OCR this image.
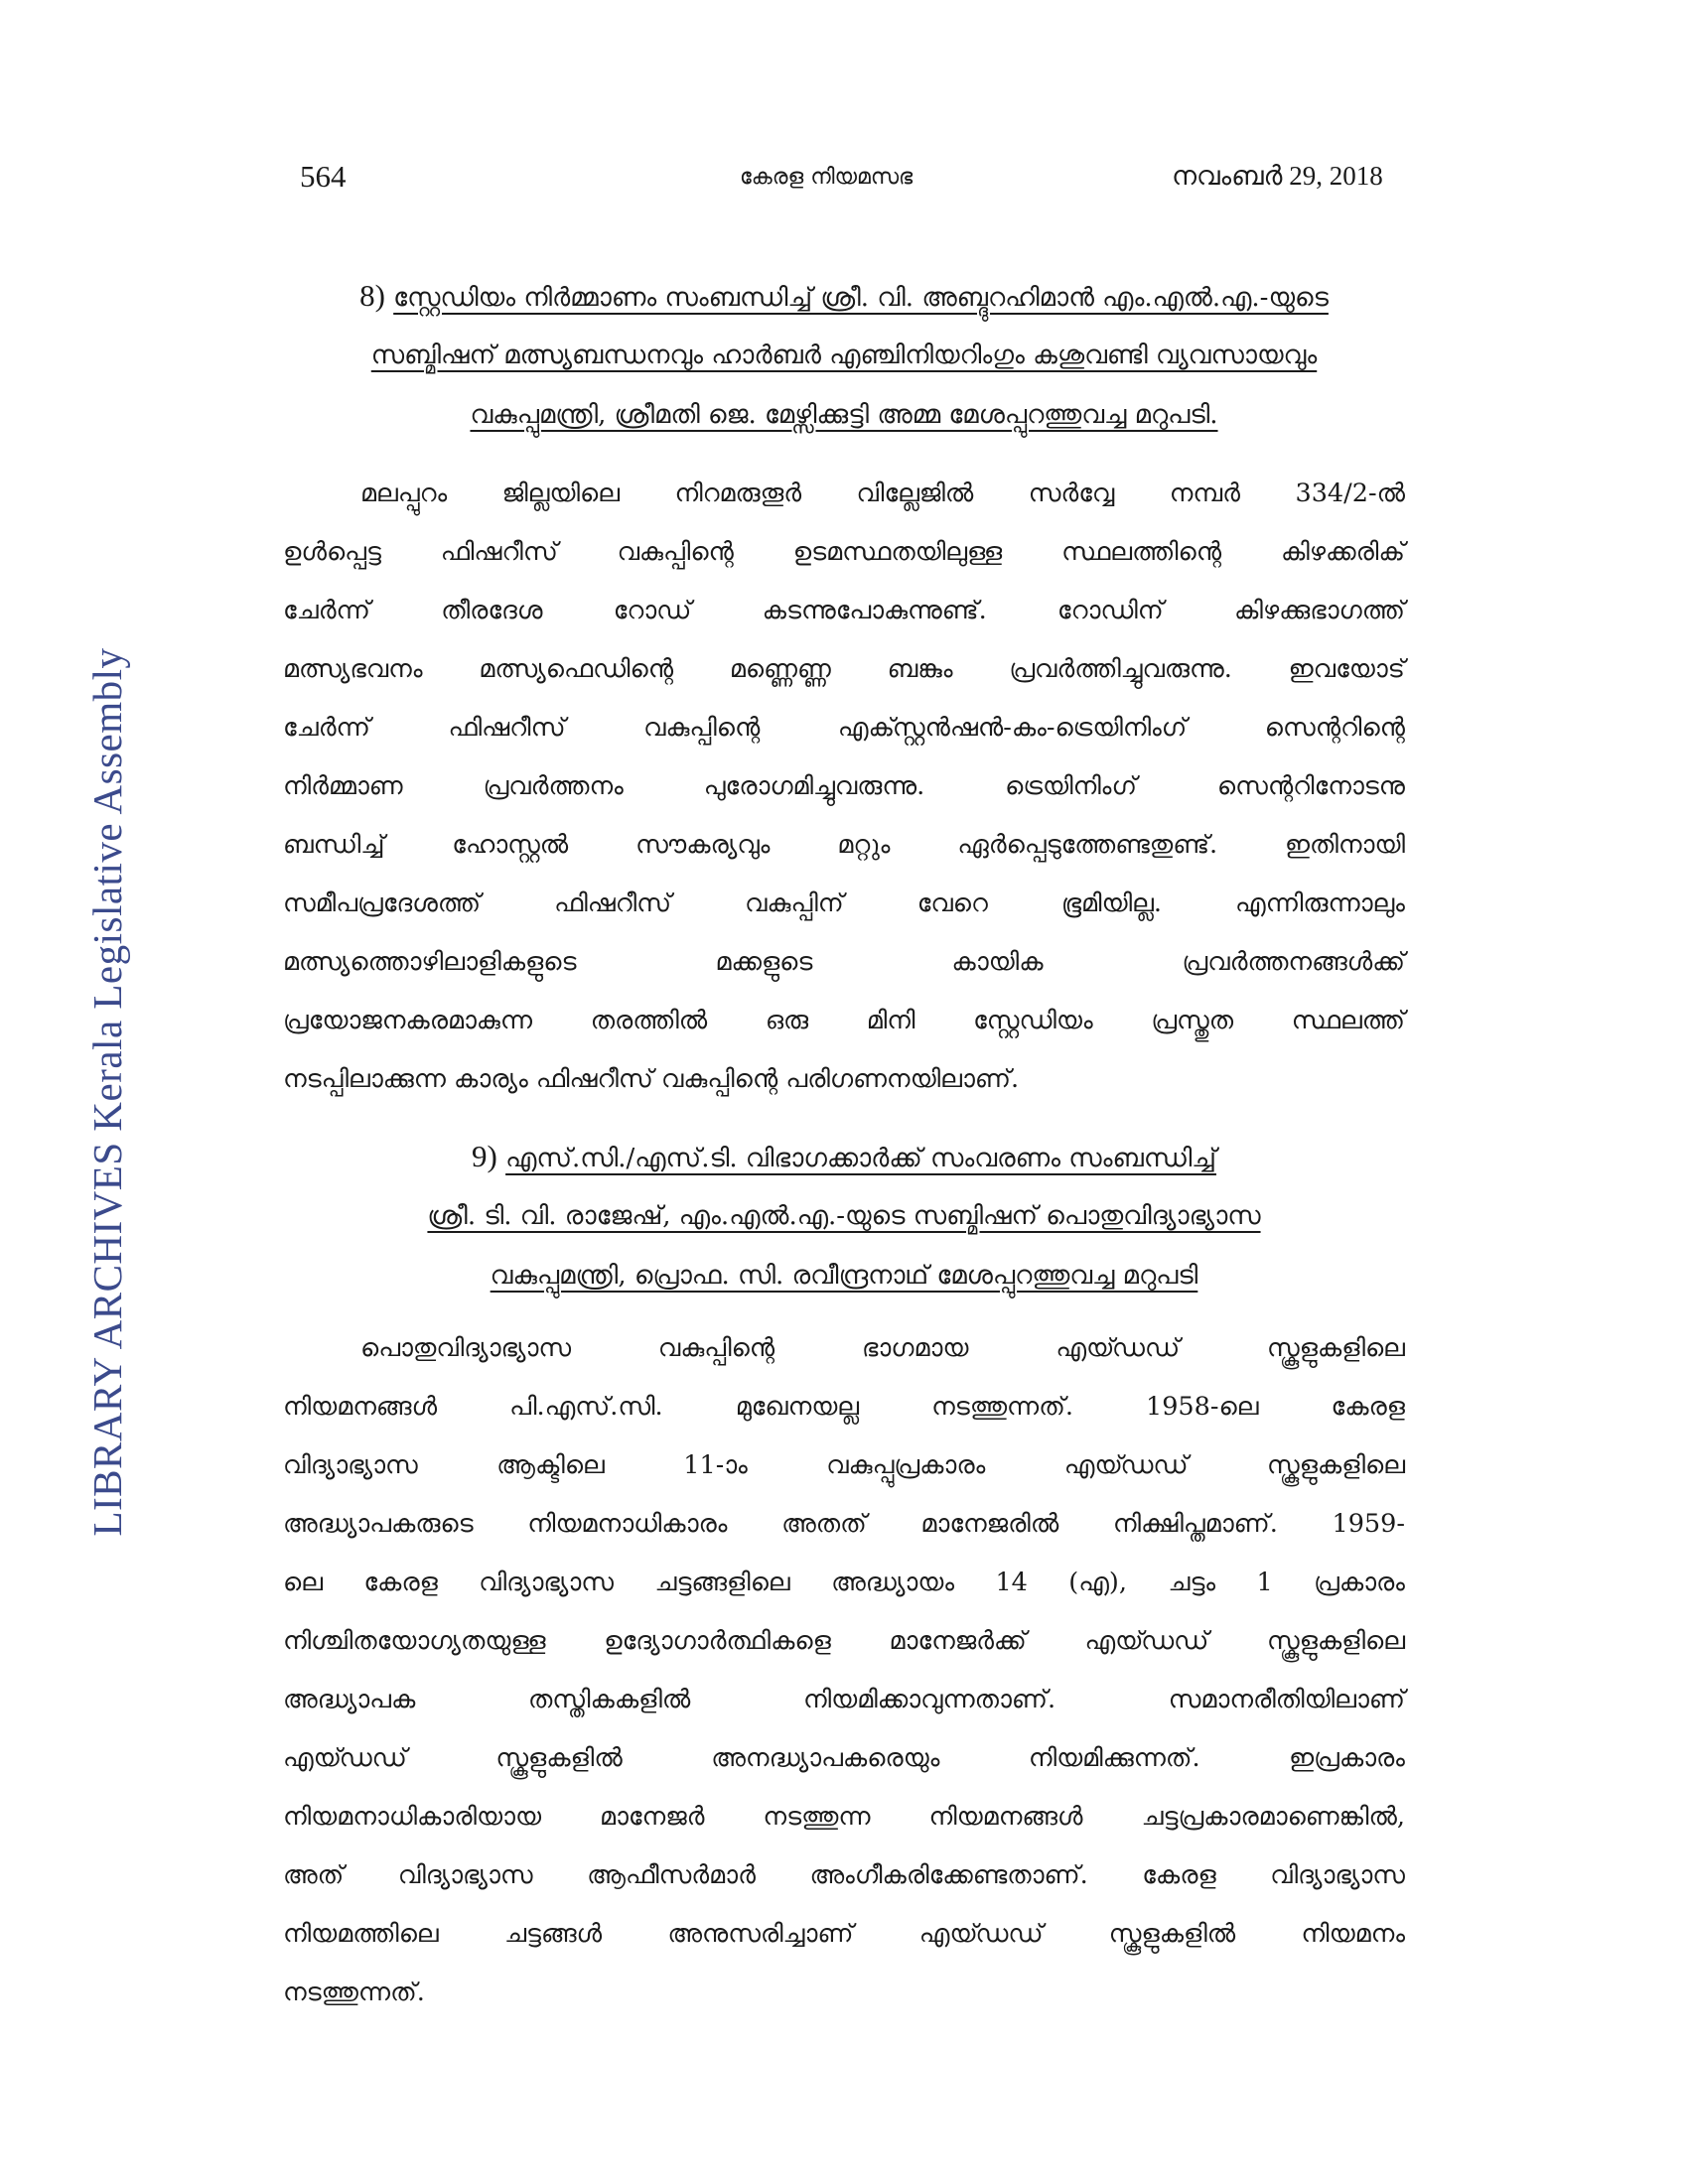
LIBRARY ARCHIVES Kerala Legislative Assembly
564	കേരള നിയമസഭ	നവംബർ 29, 2018
8) സ്റ്റേഡിയം നിർമ്മാണം സംബന്ധിച്ച് ശ്രീ. വി. അബ്ദുറഹിമാൻ എം.എൽ.എ.-യുടെ
സബ്മിഷന് മത്സ്യബന്ധനവും ഹാർബർ എഞ്ചിനിയറിംഗും കശുവണ്ടി വ്യവസായവും
വകുപ്പുമന്ത്രി, ശ്രീമതി ജെ. മേഴ്സിക്കുട്ടി അമ്മ മേശപ്പുറത്തുവച്ച മറുപടി.
മലപ്പുറം ജില്ലയിലെ നിറമരുതൂർ വില്ലേജിൽ സർവ്വേ നമ്പർ 334/2-ൽ
ഉൾപ്പെട്ട ഫിഷറീസ് വകുപ്പിന്റെ ഉടമസ്ഥതയിലുള്ള സ്ഥലത്തിന്റെ കിഴക്കരിക്
ചേർന്ന് തീരദേശ റോഡ് കടന്നുപോകുന്നുണ്ട്. റോഡിന് കിഴക്കുഭാഗത്ത്
മത്സ്യഭവനം മത്സ്യഫെഡിന്റെ മണ്ണെണ്ണ ബങ്കും പ്രവർത്തിച്ചുവരുന്നു. ഇവയോട്
ചേർന്ന് ഫിഷറീസ് വകുപ്പിന്റെ എക്സ്റ്റൻഷൻ-കം-ട്രെയിനിംഗ് സെന്ററിന്റെ
നിർമ്മാണ പ്രവർത്തനം പുരോഗമിച്ചുവരുന്നു. ട്രെയിനിംഗ് സെന്ററിനോടനു
ബന്ധിച്ച് ഹോസ്റ്റൽ സൗകര്യവും മറ്റും ഏർപ്പെടുത്തേണ്ടതുണ്ട്. ഇതിനായി
സമീപപ്രദേശത്ത് ഫിഷറീസ് വകുപ്പിന് വേറെ ഭൂമിയില്ല. എന്നിരുന്നാലും
മത്സ്യത്തൊഴിലാളികളുടെ മക്കളുടെ കായിക പ്രവർത്തനങ്ങൾക്ക്
പ്രയോജനകരമാകുന്ന തരത്തിൽ ഒരു മിനി സ്റ്റേഡിയം പ്രസ്തുത സ്ഥലത്ത്
നടപ്പിലാക്കുന്ന കാര്യം ഫിഷറീസ് വകുപ്പിന്റെ പരിഗണനയിലാണ്.
9) എസ്.സി./എസ്.ടി. വിഭാഗക്കാർക്ക് സംവരണം സംബന്ധിച്ച്
ശ്രീ. ടി. വി. രാജേഷ്, എം.എൽ.എ.-യുടെ സബ്മിഷന് പൊതുവിദ്യാഭ്യാസ
വകുപ്പുമന്ത്രി, പ്രൊഫ. സി. രവീന്ദ്രനാഥ് മേശപ്പുറത്തുവച്ച മറുപടി
പൊതുവിദ്യാഭ്യാസ വകുപ്പിന്റെ ഭാഗമായ എയ്ഡഡ് സ്കൂളുകളിലെ
നിയമനങ്ങൾ പി.എസ്.സി. മുഖേനയല്ല നടത്തുന്നത്. 1958-ലെ കേരള
വിദ്യാഭ്യാസ ആക്ടിലെ 11-ാം വകുപ്പുപ്രകാരം എയ്ഡഡ് സ്കൂളുകളിലെ
അദ്ധ്യാപകരുടെ നിയമനാധികാരം അതത് മാനേജരിൽ നിക്ഷിപ്തമാണ്. 1959-
ലെ കേരള വിദ്യാഭ്യാസ ചട്ടങ്ങളിലെ അദ്ധ്യായം 14 (എ), ചട്ടം 1 പ്രകാരം
നിശ്ചിതയോഗ്യതയുള്ള ഉദ്യോഗാർത്ഥികളെ മാനേജർക്ക് എയ്ഡഡ് സ്കൂളുകളിലെ
അദ്ധ്യാപക തസ്തികകളിൽ നിയമിക്കാവുന്നതാണ്. സമാനരീതിയിലാണ്
എയ്ഡഡ് സ്കൂളുകളിൽ അനദ്ധ്യാപകരെയും നിയമിക്കുന്നത്. ഇപ്രകാരം
നിയമനാധികാരിയായ മാനേജർ നടത്തുന്ന നിയമനങ്ങൾ ചട്ടപ്രകാരമാണെങ്കിൽ,
അത് വിദ്യാഭ്യാസ ആഫീസർമാർ അംഗീകരിക്കേണ്ടതാണ്. കേരള വിദ്യാഭ്യാസ
നിയമത്തിലെ ചട്ടങ്ങൾ അനുസരിച്ചാണ് എയ്ഡഡ് സ്കൂളുകളിൽ നിയമനം
നടത്തുന്നത്.
